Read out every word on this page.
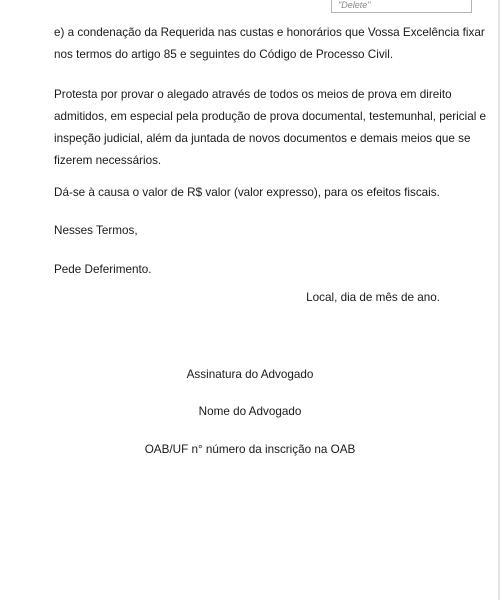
"Delete"
e) a condenação da Requerida nas custas e honorários que Vossa Excelência fixar
nos termos do artigo 85 e seguintes do Código de Processo Civil.
Protesta por provar o alegado através de todos os meios de prova em direito
admitidos, em especial pela produção de prova documental, testemunhal, pericial e
inspeção judicial, além da juntada de novos documentos e demais meios que se
fizerem necessários.

Dá-se à causa o valor de R$ valor (valor expresso), para os efeitos fiscais.

Nesses Termos,

Pede Deferimento.

Local, dia de mês de ano.

Assinatura do Advogado

Nome do Advogado

OAB/UF n° número da inscrição na OAB
